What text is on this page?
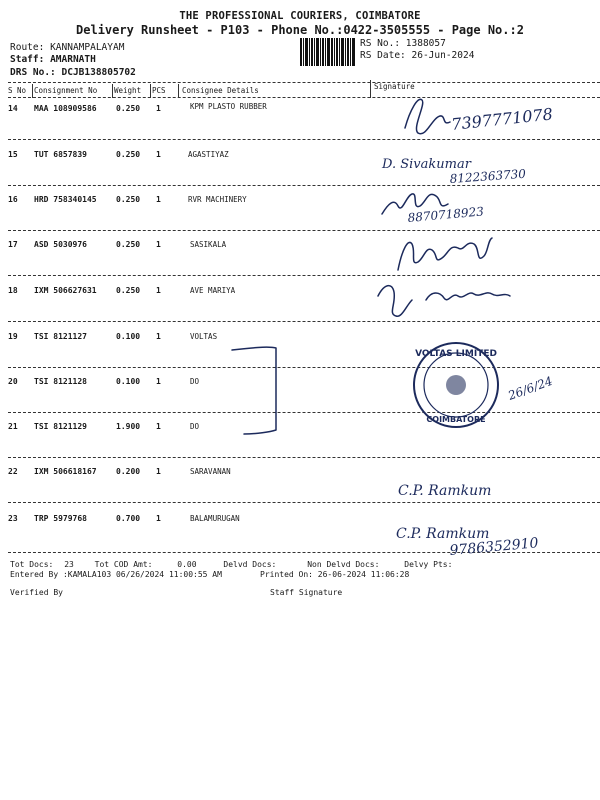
THE PROFESSIONAL COURIERS, COIMBATORE
Delivery Runsheet - P103 - Phone No.:0422-3505555 - Page No.:2
Route: KANNAMPALAYAM
Staff: AMARNATH
DRS No.: DCJB138805702
RS No.: 1388057
RS Date: 26-Jun-2024
S No Consignment No Weight PCS Consignee Details	Signature
14 MAA 108909586 0.250 1	KPM PLASTO RUBBER
15 TUT 6857839	0.250 1	AGASTIYAZ
16 HRD 758340145 0.250 1	RVR MACHINERY
17 ASD 5030976	0.250 1	SASIKALA
18 IXM 506627631 0.250 1	AVE MARIYA
19 TSI 8121127	0.100 1	VOLTAS
20 TSI 8121128	0.100 1	DO
21 TSI 8121129	1.900 1	DO
22 IXM 506618167 0.200 1	SARAVANAN
23 TRP 5979768	0.700 1	BALAMURUGAN
7397771078
D. Sivakumar
8122363730
8870718923
VOLTAS LIMITED
COIMBATORE
26/6/24
C.P. Ramkum
C.P. Ramkum
9786352910
Tot Docs: 23	Tot COD Amt:	0.00	Delvd Docs:	Non Delvd Docs:	Delvy Pts:
Entered By :KAMALA103 06/26/2024 11:00:55 AM	Printed On: 26-06-2024 11:06:28
Verified By	Staff Signature
